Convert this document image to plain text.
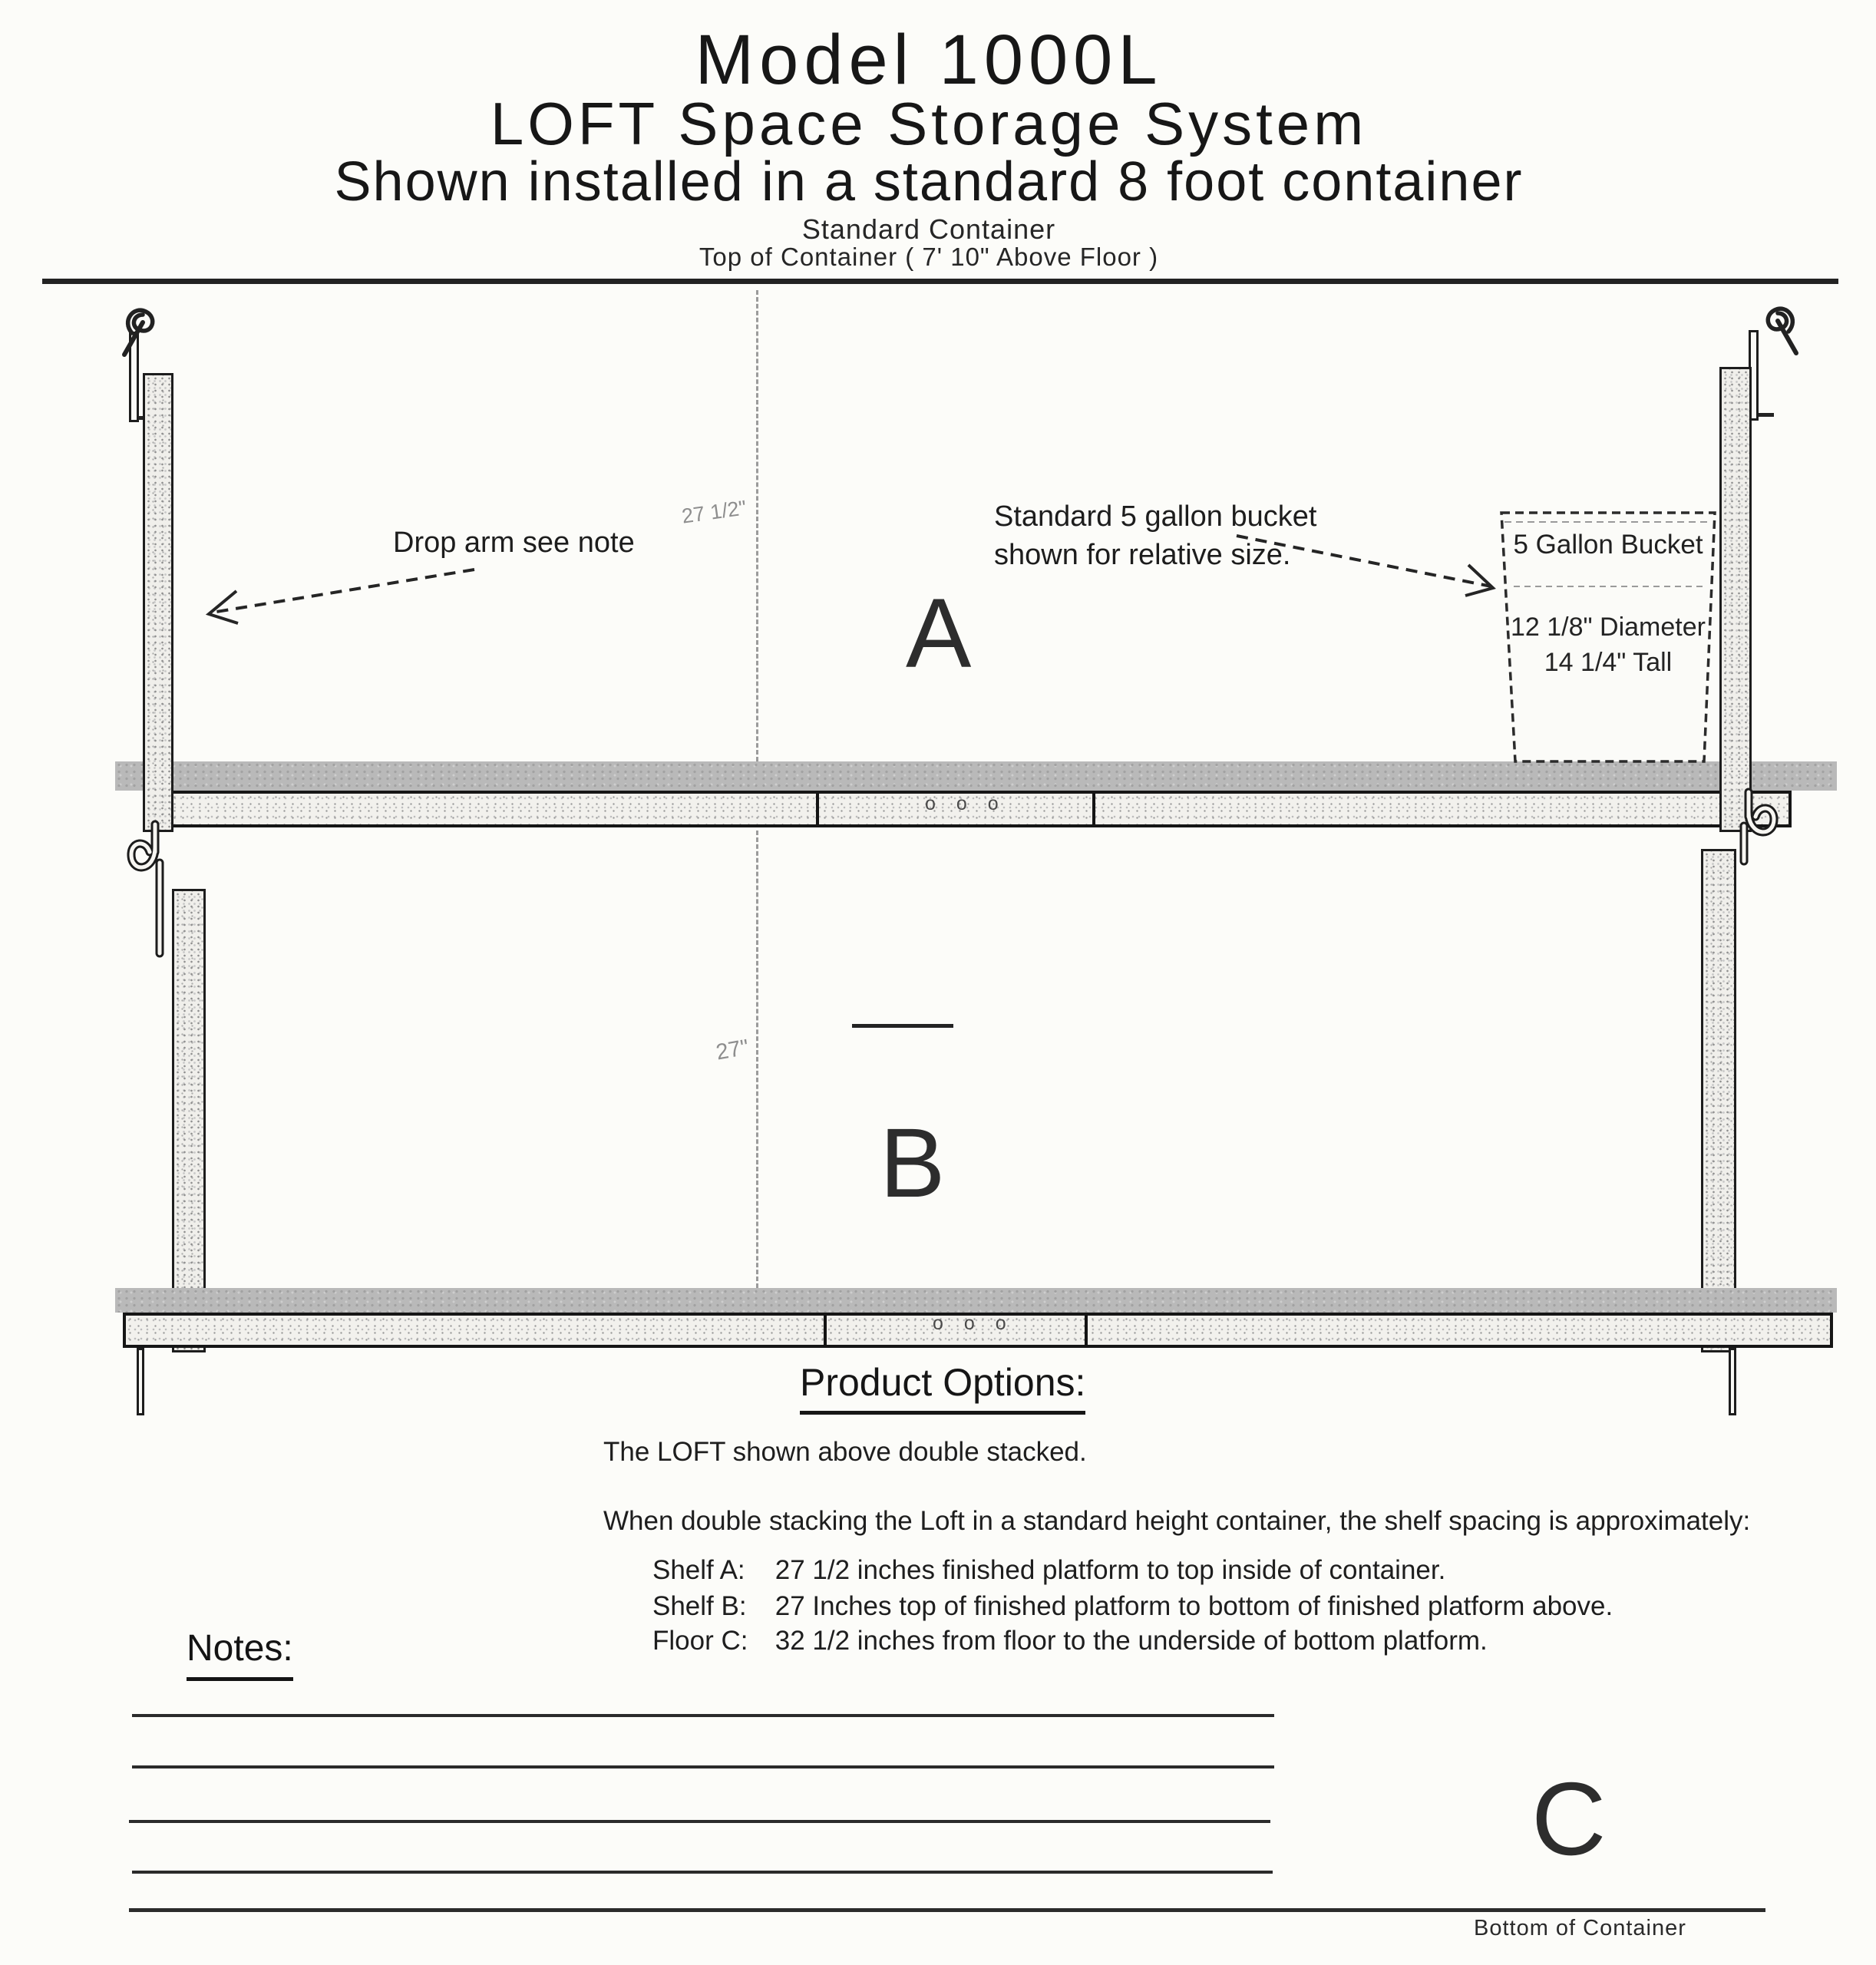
Model 1000L
LOFT Space Storage System
Shown installed in a standard 8 foot container
Standard Container
Top of Container ( 7' 10" Above Floor )
o o o
o o o
A
B
C
27 1/2"
27"
Drop arm see note
Standard 5 gallon bucket
shown for relative size.	5 Gallon Bucket
12 1/8" Diameter
14 1/4" Tall
Product Options:
The LOFT shown above double stacked.
When double stacking the Loft in a standard height container, the shelf spacing is approximately:
Shelf A: 27 1/2 inches finished platform to top inside of container.
Shelf B: 27 Inches top of finished platform to bottom of finished platform above.
Floor C: 32 1/2 inches from floor to the underside of bottom platform.
Notes:
Bottom of Container
